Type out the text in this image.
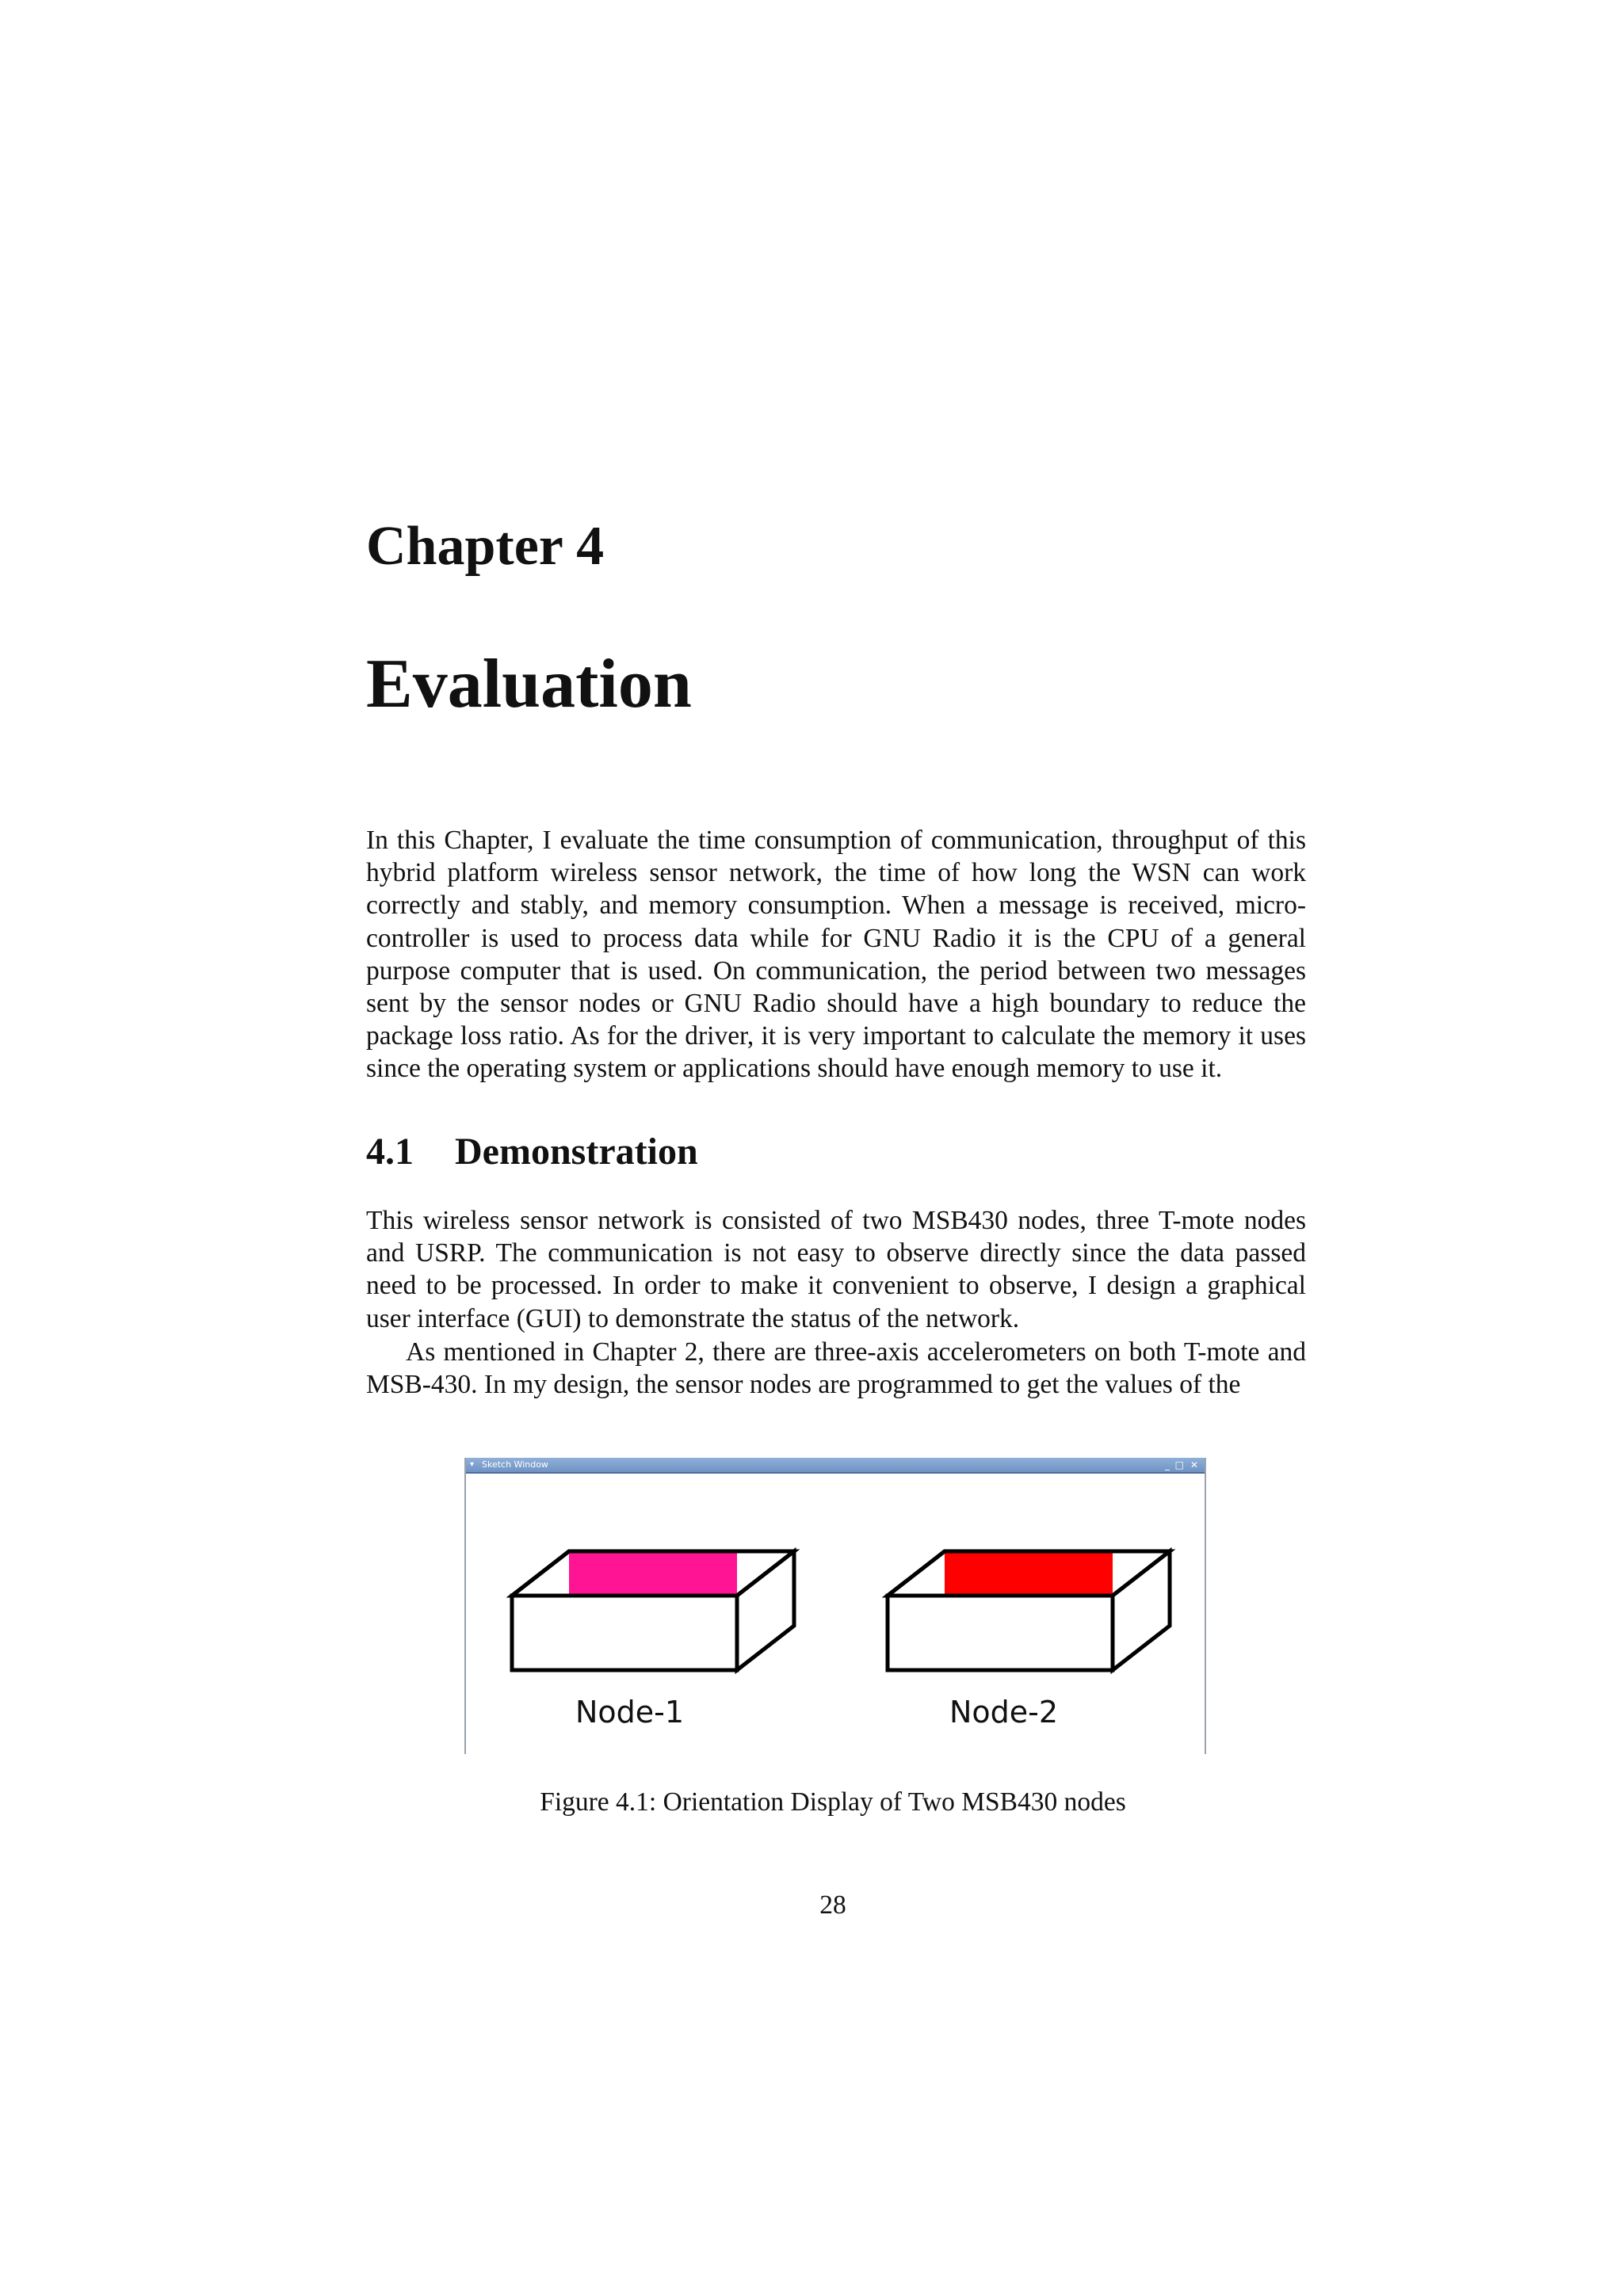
Chapter 4
Evaluation

In this Chapter, I evaluate the time consumption of communication, throughput of this hybrid platform wireless sensor network, the time of how long the WSN can work correctly and stably, and memory consumption. When a message is received, micro-controller is used to process data while for GNU Radio it is the CPU of a general purpose computer that is used. On communication, the period between two messages sent by the sensor nodes or GNU Radio should have a high boundary to reduce the package loss ratio. As for the driver, it is very important to calculate the memory it uses since the operating system or applications should have enough memory to use it.

4.1 Demonstration

This wireless sensor network is consisted of two MSB430 nodes, three T-mote nodes and USRP. The communication is not easy to observe directly since the data passed need to be processed. In order to make it convenient to observe, I design a graphical user interface (GUI) to demonstrate the status of the network.

As mentioned in Chapter 2, there are three-axis accelerometers on both T-mote and MSB-430. In my design, the sensor nodes are programmed to get the values of the

▾ Sketch Window	_ □ ✕
Node-1	Node-2

Figure 4.1: Orientation Display of Two MSB430 nodes

28
